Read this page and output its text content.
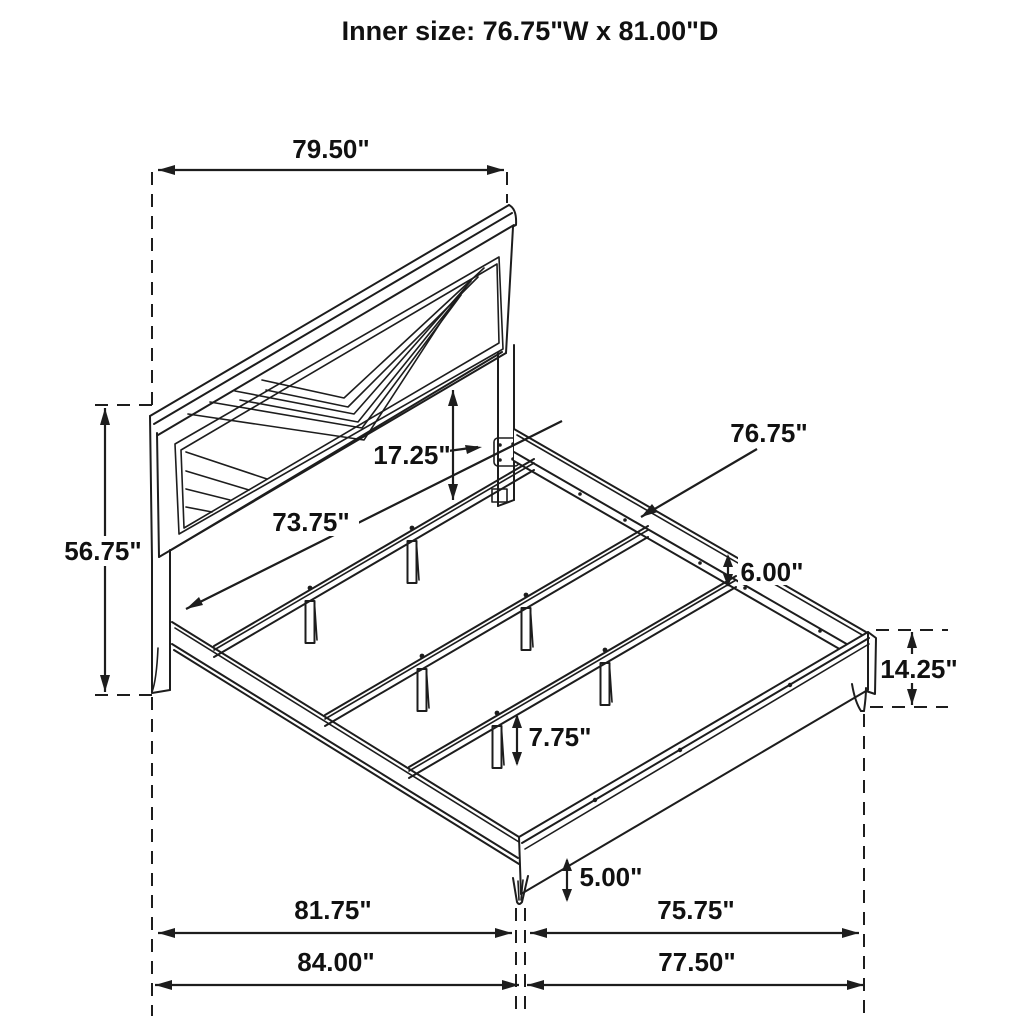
Inner size: 76.75"W x 81.00"D
79.50"
56.75"
17.25"
73.75"
76.75"
6.00"
14.25"
7.75"
5.00"
81.75"	75.75"
84.00"	77.50"
